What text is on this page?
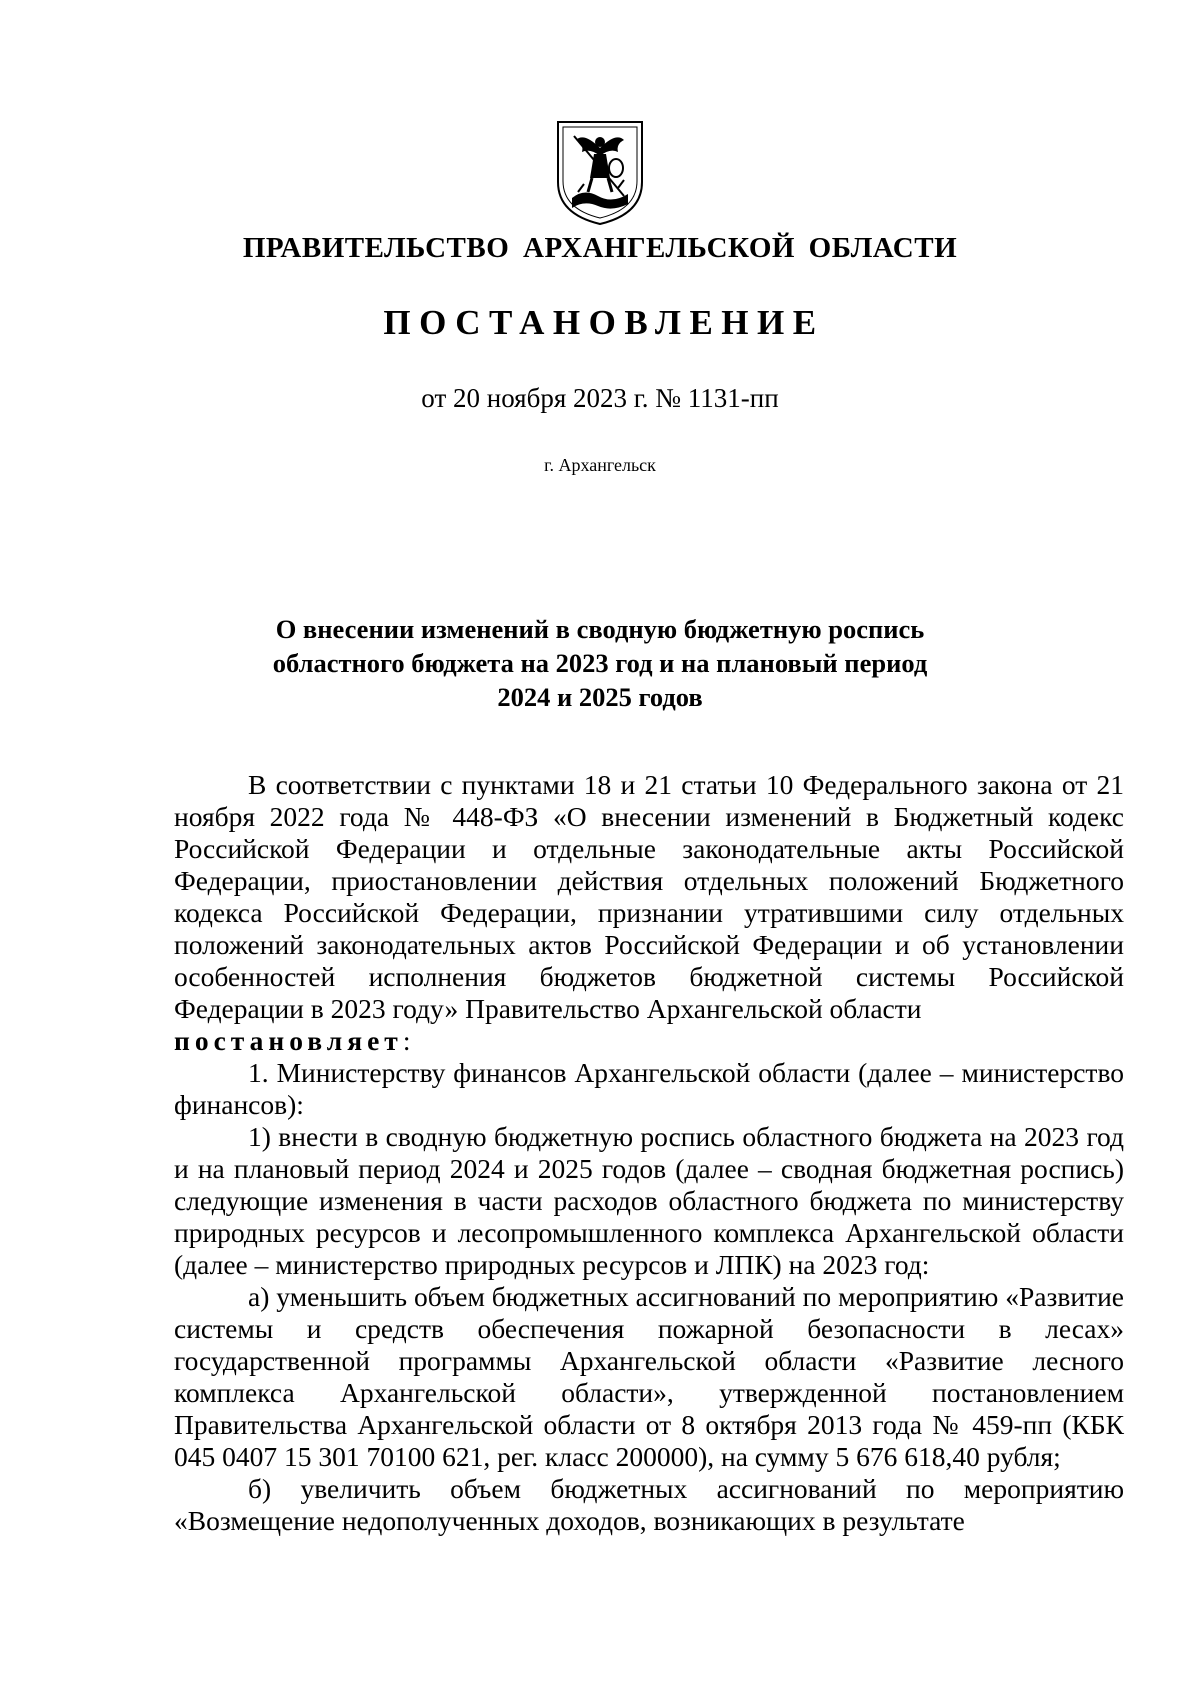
ПРАВИТЕЛЬСТВО АРХАНГЕЛЬСКОЙ ОБЛАСТИ
ПОСТАНОВЛЕНИЕ
от 20 ноября 2023 г. № 1131-пп
г. Архангельск
О внесении изменений в сводную бюджетную роспись
областного бюджета на 2023 год и на плановый период
2024 и 2025 годов

В соответствии с пунктами 18 и 21 статьи 10 Федерального закона от 21 ноября 2022 года № 448-ФЗ «О внесении изменений в Бюджетный кодекс Российской Федерации и отдельные законодательные акты Российской Федерации, приостановлении действия отдельных положений Бюджетного кодекса Российской Федерации, признании утратившими силу отдельных положений законодательных актов Российской Федерации и об установлении особенностей исполнения бюджетов бюджетной системы Российской Федерации в 2023 году» Правительство Архангельской области

постановляет:

1. Министерству финансов Архангельской области (далее – министерство финансов):

1) внести в сводную бюджетную роспись областного бюджета на 2023 год и на плановый период 2024 и 2025 годов (далее – сводная бюджетная роспись) следующие изменения в части расходов областного бюджета по министерству природных ресурсов и лесопромышленного комплекса Архангельской области (далее – министерство природных ресурсов и ЛПК) на 2023 год:

а) уменьшить объем бюджетных ассигнований по мероприятию «Развитие системы и средств обеспечения пожарной безопасности в лесах» государственной программы Архангельской области «Развитие лесного комплекса Архангельской области», утвержденной постановлением Правительства Архангельской области от 8 октября 2013 года № 459-пп (КБК 045 0407 15 301 70100 621, рег. класс 200000), на сумму 5 676 618,40 рубля;

б) увеличить объем бюджетных ассигнований по мероприятию «Возмещение недополученных доходов, возникающих в результате
